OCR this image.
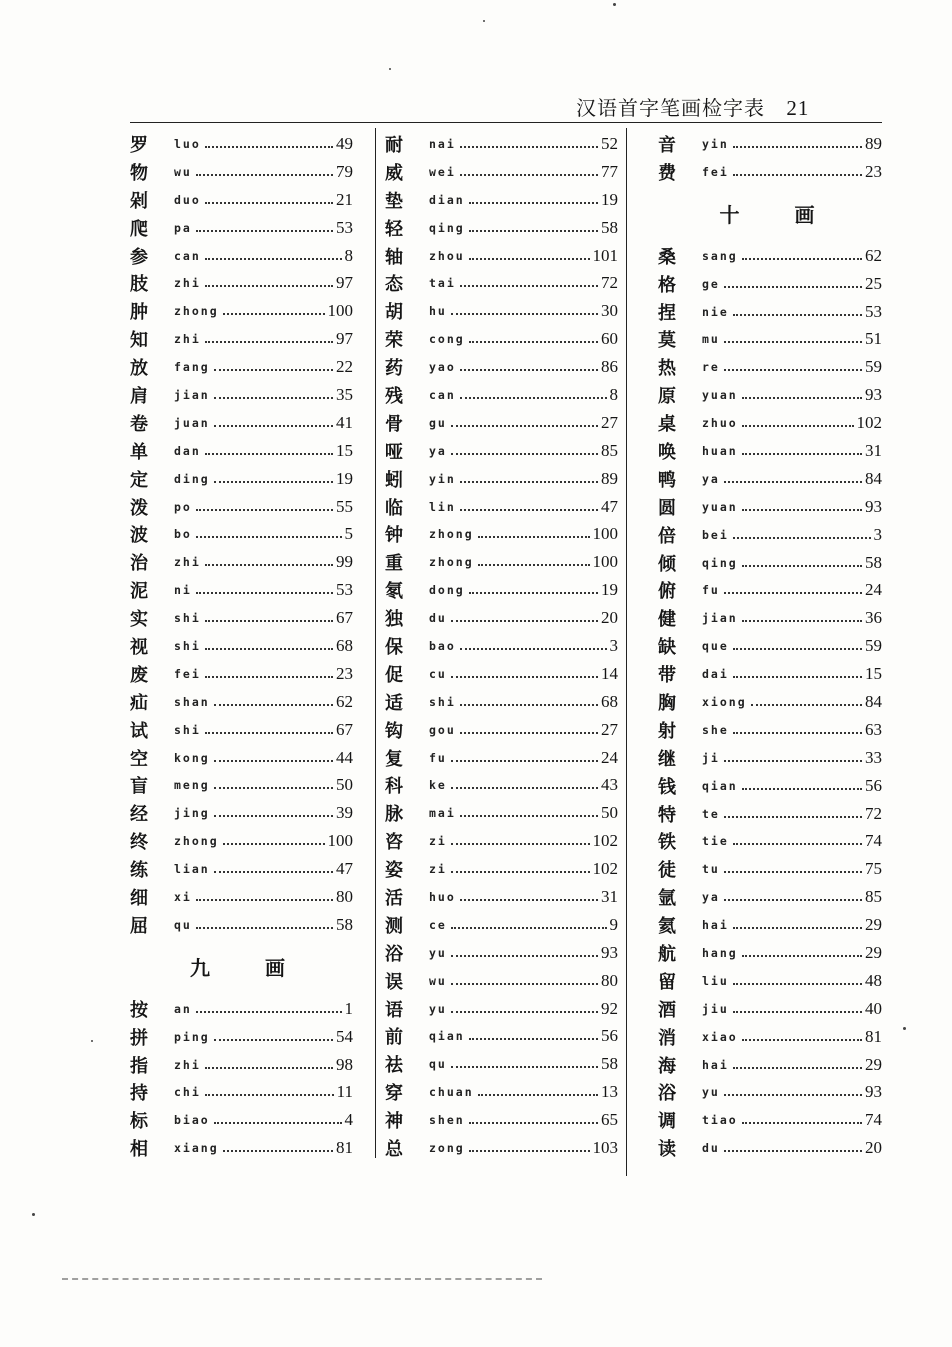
汉语首字笔画检字表 21
罗	luo	49
物	wu	79
剁	duo	21
爬	pa	53
参	can	8
肢	zhi	97
肿	zhong	100
知	zhi	97
放	fang	22
肩	jian	35
卷	juan	41
单	dan	15
定	ding	19
泼	po	55
波	bo	5
治	zhi	99
泥	ni	53
实	shi	67
视	shi	68
废	fei	23
疝	shan	62
试	shi	67
空	kong	44
盲	meng	50
经	jing	39
终	zhong	100
练	lian	47
细	xi	80
屈	qu	58
九 画
按	an	1
拼	ping	54
指	zhi	98
持	chi	11
标	biao	4
相	xiang	81
耐	nai	52
威	wei	77
垫	dian	19
轻	qing	58
轴	zhou	101
态	tai	72
胡	hu	30
荣	cong	60
药	yao	86
残	can	8
骨	gu	27
哑	ya	85
蚓	yin	89
临	lin	47
钟	zhong	100
重	zhong	100
氡	dong	19
独	du	20
保	bao	3
促	cu	14
适	shi	68
钩	gou	27
复	fu	24
科	ke	43
脉	mai	50
咨	zi	102
姿	zi	102
活	huo	31
测	ce	9
浴	yu	93
误	wu	80
语	yu	92
前	qian	56
祛	qu	58
穿	chuan	13
神	shen	65
总	zong	103
音	yin	89
费	fei	23
十 画
桑	sang	62
格	ge	25
捏	nie	53
莫	mu	51
热	re	59
原	yuan	93
桌	zhuo	102
唤	huan	31
鸭	ya	84
圆	yuan	93
倍	bei	3
倾	qing	58
俯	fu	24
健	jian	36
缺	que	59
带	dai	15
胸	xiong	84
射	she	63
继	ji	33
钱	qian	56
特	te	72
铁	tie	74
徒	tu	75
氩	ya	85
氦	hai	29
航	hang	29
留	liu	48
酒	jiu	40
消	xiao	81
海	hai	29
浴	yu	93
调	tiao	74
读	du	20
